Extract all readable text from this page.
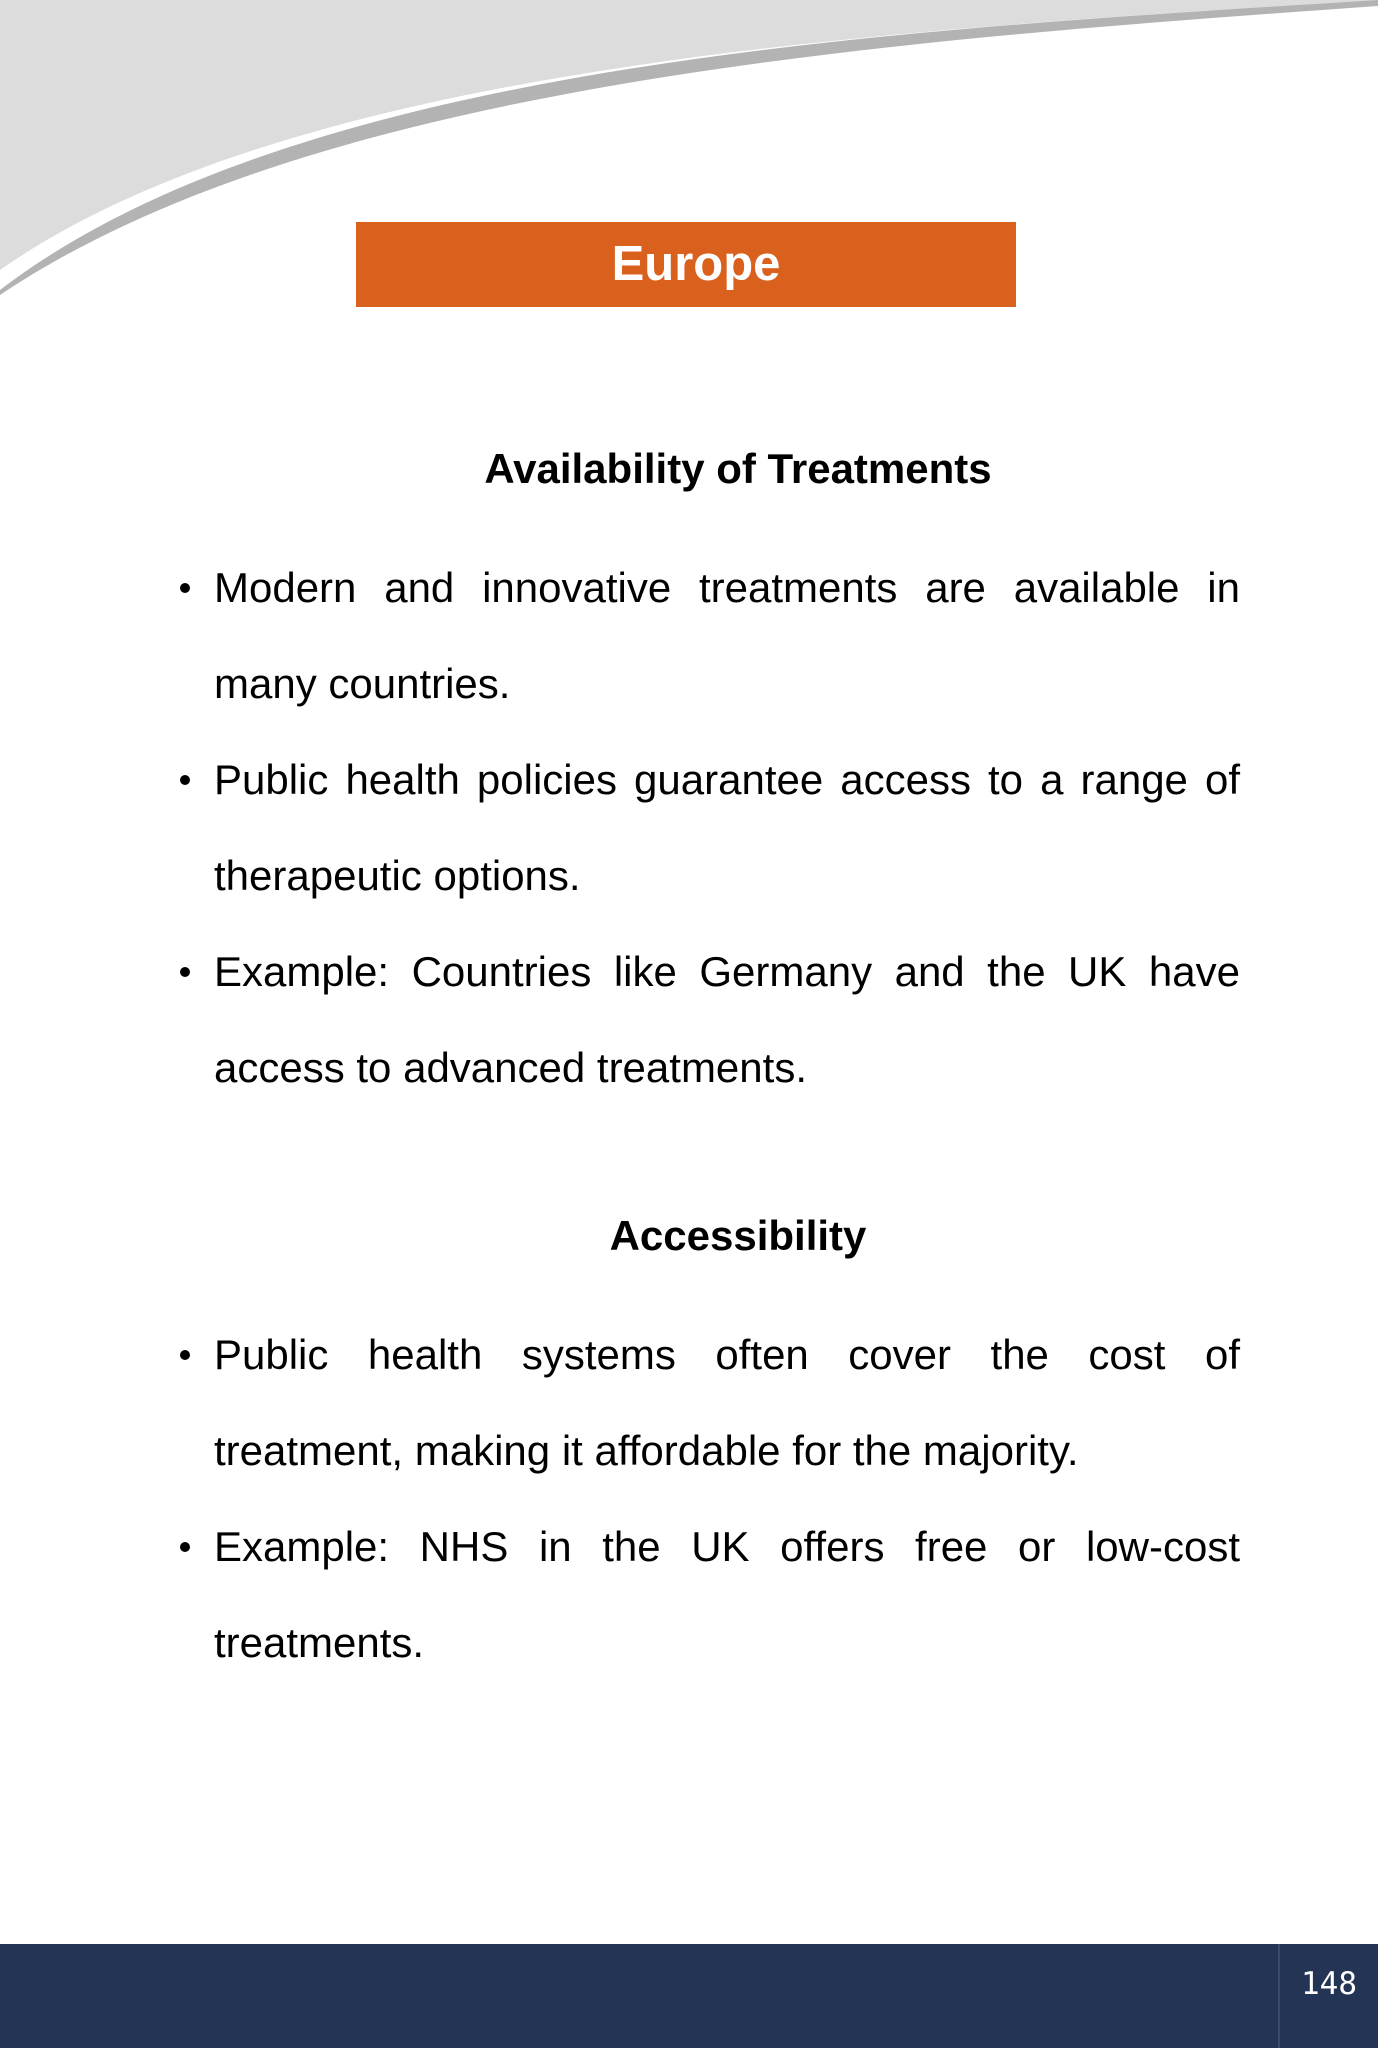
Europe
Availability of Treatments
Modern and innovative treatments are available in many countries.
Public health policies guarantee access to a range of therapeutic options.
Example: Countries like Germany and the UK have access to advanced treatments.
Accessibility
Public health systems often cover the cost of treatment, making it affordable for the majority.
Example: NHS in the UK offers free or low-cost treatments.
148
